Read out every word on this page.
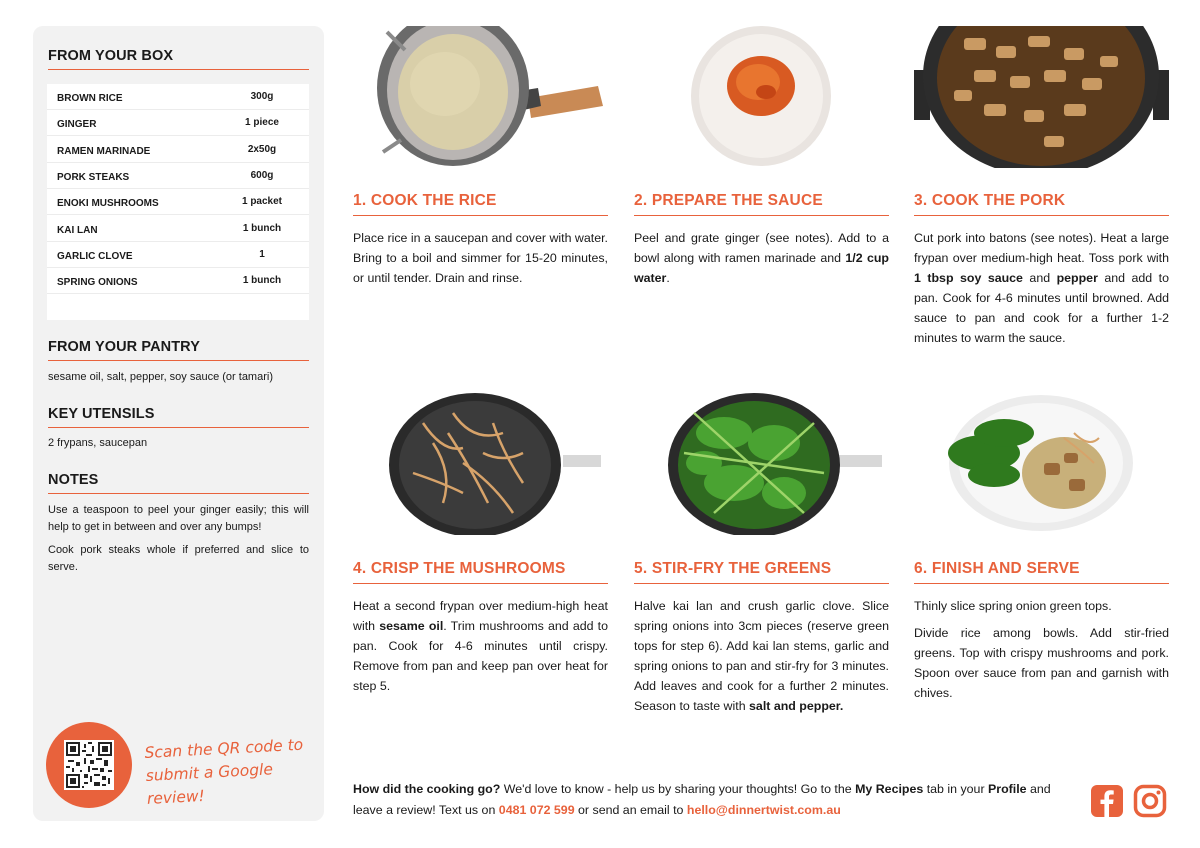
FROM YOUR BOX
BROWN RICE	300g
GINGER	1 piece
RAMEN MARINADE	2x50g
PORK STEAKS	600g
ENOKI MUSHROOMS	1 packet
KAI LAN	1 bunch
GARLIC CLOVE	1
SPRING ONIONS	1 bunch
FROM YOUR PANTRY
sesame oil, salt, pepper, soy sauce (or tamari)
KEY UTENSILS
2 frypans, saucepan
NOTES
Use a teaspoon to peel your ginger easily; this will help to get in between and over any bumps!
Cook pork steaks whole if preferred and slice to serve.
Scan the QR code to
submit a Google review!
1. COOK THE RICE

Place rice in a saucepan and cover with water. Bring to a boil and simmer for 15-20 minutes, or until tender. Drain and rinse.

2. PREPARE THE SAUCE

Peel and grate ginger (see notes). Add to a bowl along with ramen marinade and 1/2 cup water.

3. COOK THE PORK

Cut pork into batons (see notes). Heat a large frypan over medium-high heat. Toss pork with 1 tbsp soy sauce and pepper and add to pan. Cook for 4-6 minutes until browned. Add sauce to pan and cook for a further 1-2 minutes to warm the sauce.

4. CRISP THE MUSHROOMS

Heat a second frypan over medium-high heat with sesame oil. Trim mushrooms and add to pan. Cook for 4-6 minutes until crispy. Remove from pan and keep pan over heat for step 5.

5. STIR-FRY THE GREENS

Halve kai lan and crush garlic clove. Slice spring onions into 3cm pieces (reserve green tops for step 6). Add kai lan stems, garlic and spring onions to pan and stir-fry for 3 minutes. Add leaves and cook for a further 2 minutes. Season to taste with salt and pepper.

6. FINISH AND SERVE

Thinly slice spring onion green tops.

Divide rice among bowls. Add stir-fried greens. Top with crispy mushrooms and pork. Spoon over sauce from pan and garnish with chives.

How did the cooking go? We'd love to know - help us by sharing your thoughts! Go to the My Recipes tab in your Profile and leave a review! Text us on 0481 072 599 or send an email to hello@dinnertwist.com.au
